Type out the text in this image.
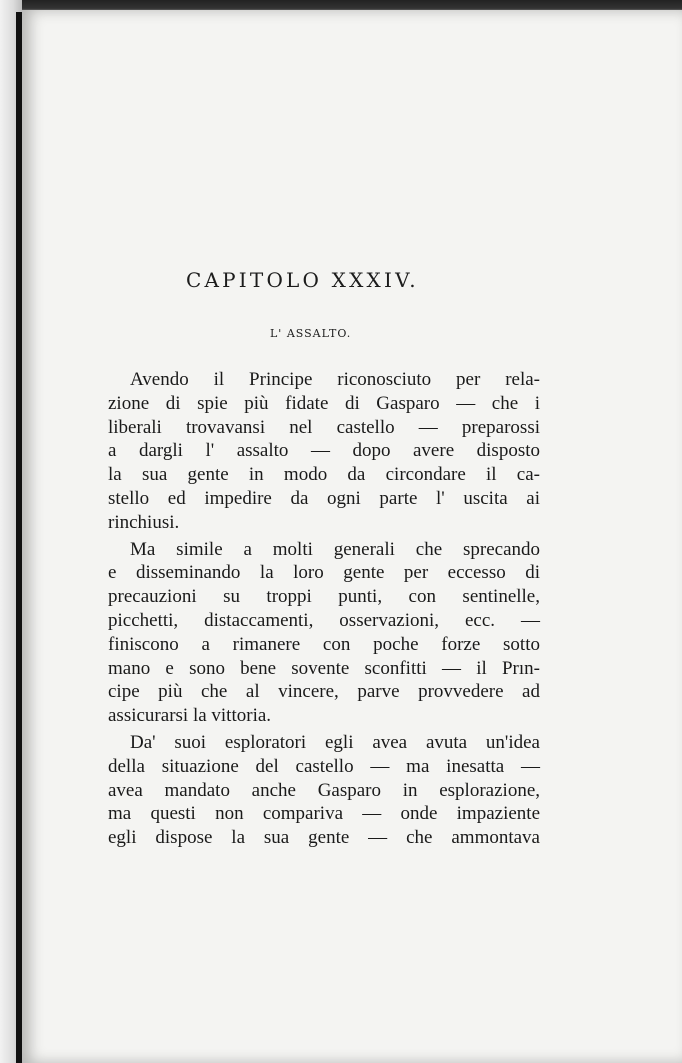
CAPITOLO XXXIV.
L' ASSALTO.
Avendo il Principe riconosciuto per rela-
zione di spie più fidate di Gasparo — che i
liberali trovavansi nel castello — preparossi
a dargli l' assalto — dopo avere disposto
la sua gente in modo da circondare il ca-
stello ed impedire da ogni parte l' uscita ai
rinchiusi.
Ma simile a molti generali che sprecando
e disseminando la loro gente per eccesso di
precauzioni su troppi punti, con sentinelle,
picchetti, distaccamenti, osservazioni, ecc. —
finiscono a rimanere con poche forze sotto
mano e sono bene sovente sconfitti — il Prın-
cipe più che al vincere, parve provvedere ad
assicurarsi la vittoria.
Da' suoi esploratori egli avea avuta un'idea
della situazione del castello — ma inesatta —
avea mandato anche Gasparo in esplorazione,
ma questi non compariva — onde impaziente
egli dispose la sua gente — che ammontava
